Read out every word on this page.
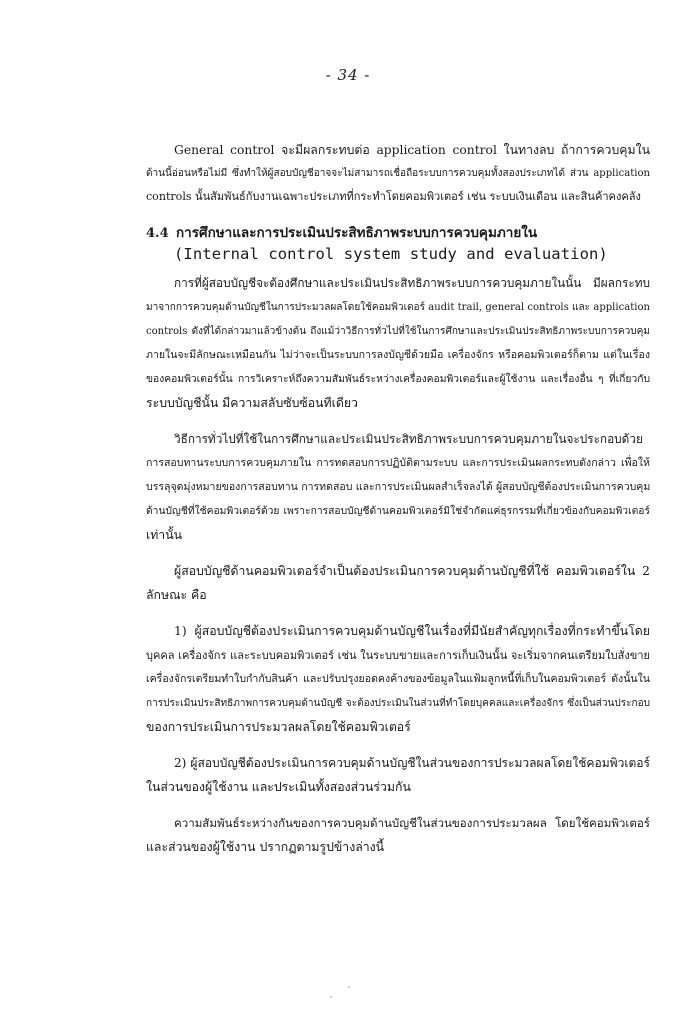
- 34 -
General control จะมีผลกระทบต่อ application control ในทางลบ ถ้าการควบคุมใน
ด้านนี้อ่อนหรือไม่มี ซึ่งทำให้ผู้สอบบัญชีอาจจะไม่สามารถเชื่อถือระบบการควบคุมทั้งสองประเภทได้ ส่วน application
controls นั้นสัมพันธ์กับงานเฉพาะประเภทที่กระทำโดยคอมพิวเตอร์ เช่น ระบบเงินเดือน และสินค้าคงคลัง
4.4 การศึกษาและการประเมินประสิทธิภาพระบบการควบคุมภายใน
(Internal control system study and evaluation)
การที่ผู้สอบบัญชีจะต้องศึกษาและประเมินประสิทธิภาพระบบการควบคุมภายในนั้น มีผลกระทบ
มาจากการควบคุมด้านบัญชีในการประมวลผลโดยใช้คอมพิวเตอร์ audit trail, general controls และ application
controls ดังที่ได้กล่าวมาแล้วข้างต้น ถึงแม้ว่าวิธีการทั่วไปที่ใช้ในการศึกษาและประเมินประสิทธิภาพระบบการควบคุม
ภายในจะมีลักษณะเหมือนกัน ไม่ว่าจะเป็นระบบการลงบัญชีด้วยมือ เครื่องจักร หรือคอมพิวเตอร์ก็ตาม แต่ในเรื่อง
ของคอมพิวเตอร์นั้น การวิเคราะห์ถึงความสัมพันธ์ระหว่างเครื่องคอมพิวเตอร์และผู้ใช้งาน และเรื่องอื่น ๆ ที่เกี่ยวกับ
ระบบบัญชีนั้น มีความสลับซับซ้อนทีเดียว
วิธีการทั่วไปที่ใช้ในการศึกษาและประเมินประสิทธิภาพระบบการควบคุมภายในจะประกอบด้วย
การสอบทานระบบการควบคุมภายใน การทดสอบการปฏิบัติตามระบบ และการประเมินผลกระทบดังกล่าว เพื่อให้
บรรลุจุดมุ่งหมายของการสอบทาน การทดสอบ และการประเมินผลสำเร็จลงได้ ผู้สอบบัญชีต้องประเมินการควบคุม
ด้านบัญชีที่ใช้คอมพิวเตอร์ด้วย เพราะการสอบบัญชีด้านคอมพิวเตอร์มิใช่จำกัดแค่ธุรกรรมที่เกี่ยวข้องกับคอมพิวเตอร์
เท่านั้น
ผู้สอบบัญชีด้านคอมพิวเตอร์จำเป็นต้องประเมินการควบคุมด้านบัญชีที่ใช้ คอมพิวเตอร์ใน 2
ลักษณะ คือ
1) ผู้สอบบัญชีต้องประเมินการควบคุมด้านบัญชีในเรื่องที่มีนัยสำคัญทุกเรื่องที่กระทำขึ้นโดย
บุคคล เครื่องจักร และระบบคอมพิวเตอร์ เช่น ในระบบขายและการเก็บเงินนั้น จะเริ่มจากคนเตรียมใบสั่งขาย
เครื่องจักรเตรียมทำใบกำกับสินค้า และปรับปรุงยอดคงค้างของข้อมูลในแฟ้มลูกหนี้ที่เก็บในคอมพิวเตอร์ ดังนั้นใน
การประเมินประสิทธิภาพการควบคุมด้านบัญชี จะต้องประเมินในส่วนที่ทำโดยบุคคลและเครื่องจักร ซึ่งเป็นส่วนประกอบ
ของการประเมินการประมวลผลโดยใช้คอมพิวเตอร์
2) ผู้สอบบัญชีต้องประเมินการควบคุมด้านบัญชีในส่วนของการประมวลผลโดยใช้คอมพิวเตอร์
ในส่วนของผู้ใช้งาน และประเมินทั้งสองส่วนร่วมกัน
ความสัมพันธ์ระหว่างกันของการควบคุมด้านบัญชีในส่วนของการประมวลผล โดยใช้คอมพิวเตอร์
และส่วนของผู้ใช้งาน ปรากฏตามรูปข้างล่างนี้
